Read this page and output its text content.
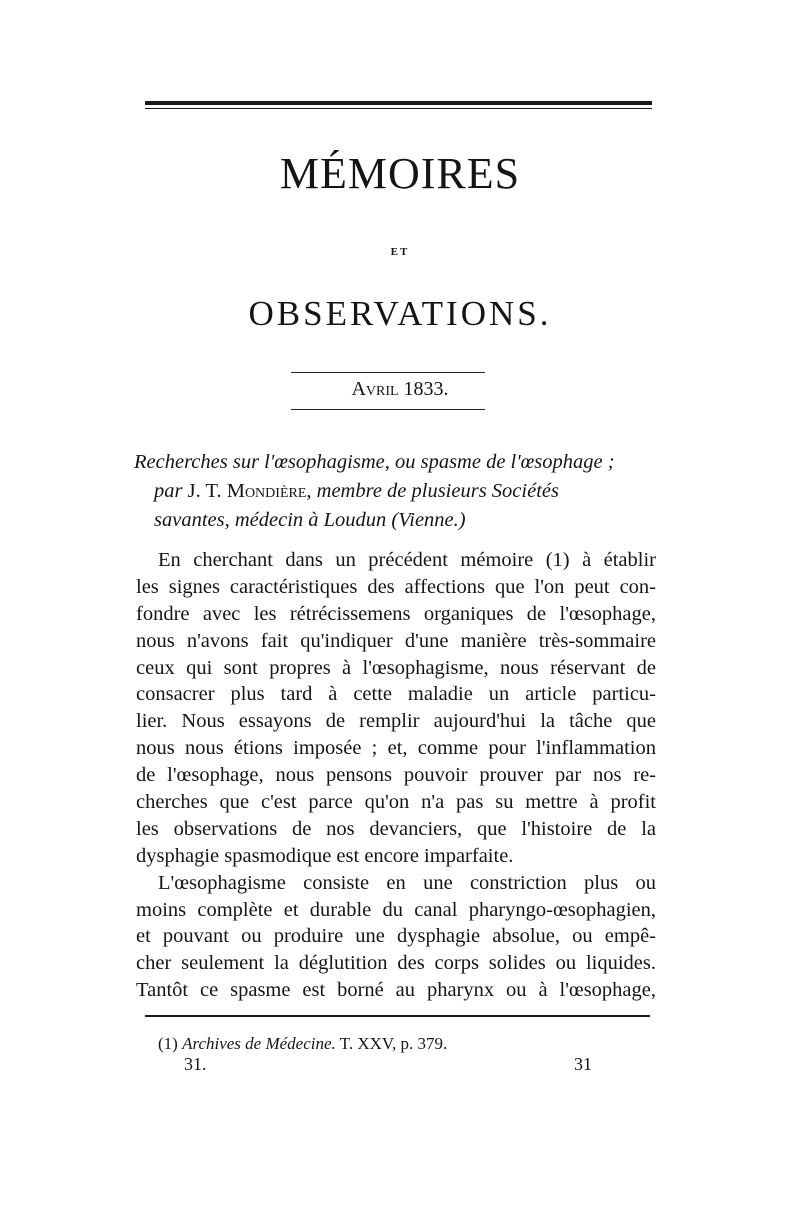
MÉMOIRES
ET
OBSERVATIONS.
Avril 1833.
Recherches sur l'œsophagisme, ou spasme de l'œsophage ;
par J. T. Mondière, membre de plusieurs Sociétés
savantes, médecin à Loudun (Vienne.)
En cherchant dans un précédent mémoire (1) à établir
les signes caractéristiques des affections que l'on peut con-
fondre avec les rétrécissemens organiques de l'œsophage,
nous n'avons fait qu'indiquer d'une manière très-sommaire
ceux qui sont propres à l'œsophagisme, nous réservant de
consacrer plus tard à cette maladie un article particu-
lier. Nous essayons de remplir aujourd'hui la tâche que
nous nous étions imposée ; et, comme pour l'inflammation
de l'œsophage, nous pensons pouvoir prouver par nos re-
cherches que c'est parce qu'on n'a pas su mettre à profit
les observations de nos devanciers, que l'histoire de la
dysphagie spasmodique est encore imparfaite.
L'œsophagisme consiste en une constriction plus ou
moins complète et durable du canal pharyngo-œsophagien,
et pouvant ou produire une dysphagie absolue, ou empê-
cher seulement la déglutition des corps solides ou liquides.
Tantôt ce spasme est borné au pharynx ou à l'œsophage,
(1) Archives de Médecine. T. XXV, p. 379.
31.	31
